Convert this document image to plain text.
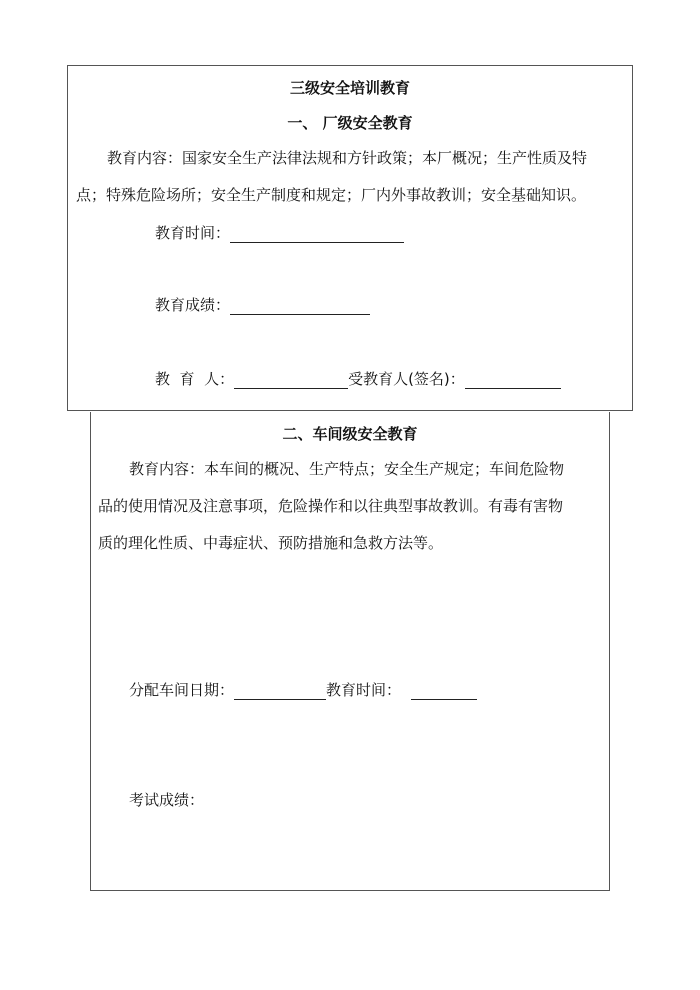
三级安全培训教育
一、 厂级安全教育
教育内容：国家安全生产法律法规和方针政策；本厂概况；生产性质及特
点；特殊危险场所；安全生产制度和规定；厂内外事故教训；安全基础知识。
教育时间：
教育成绩：
教  育  人：	受教育人(签名)：
二、车间级安全教育
教育内容：本车间的概况、生产特点；安全生产规定；车间危险物
品的使用情况及注意事项，危险操作和以往典型事故教训。有毒有害物
质的理化性质、中毒症状、预防措施和急救方法等。
分配车间日期：	教育时间：
考试成绩：
